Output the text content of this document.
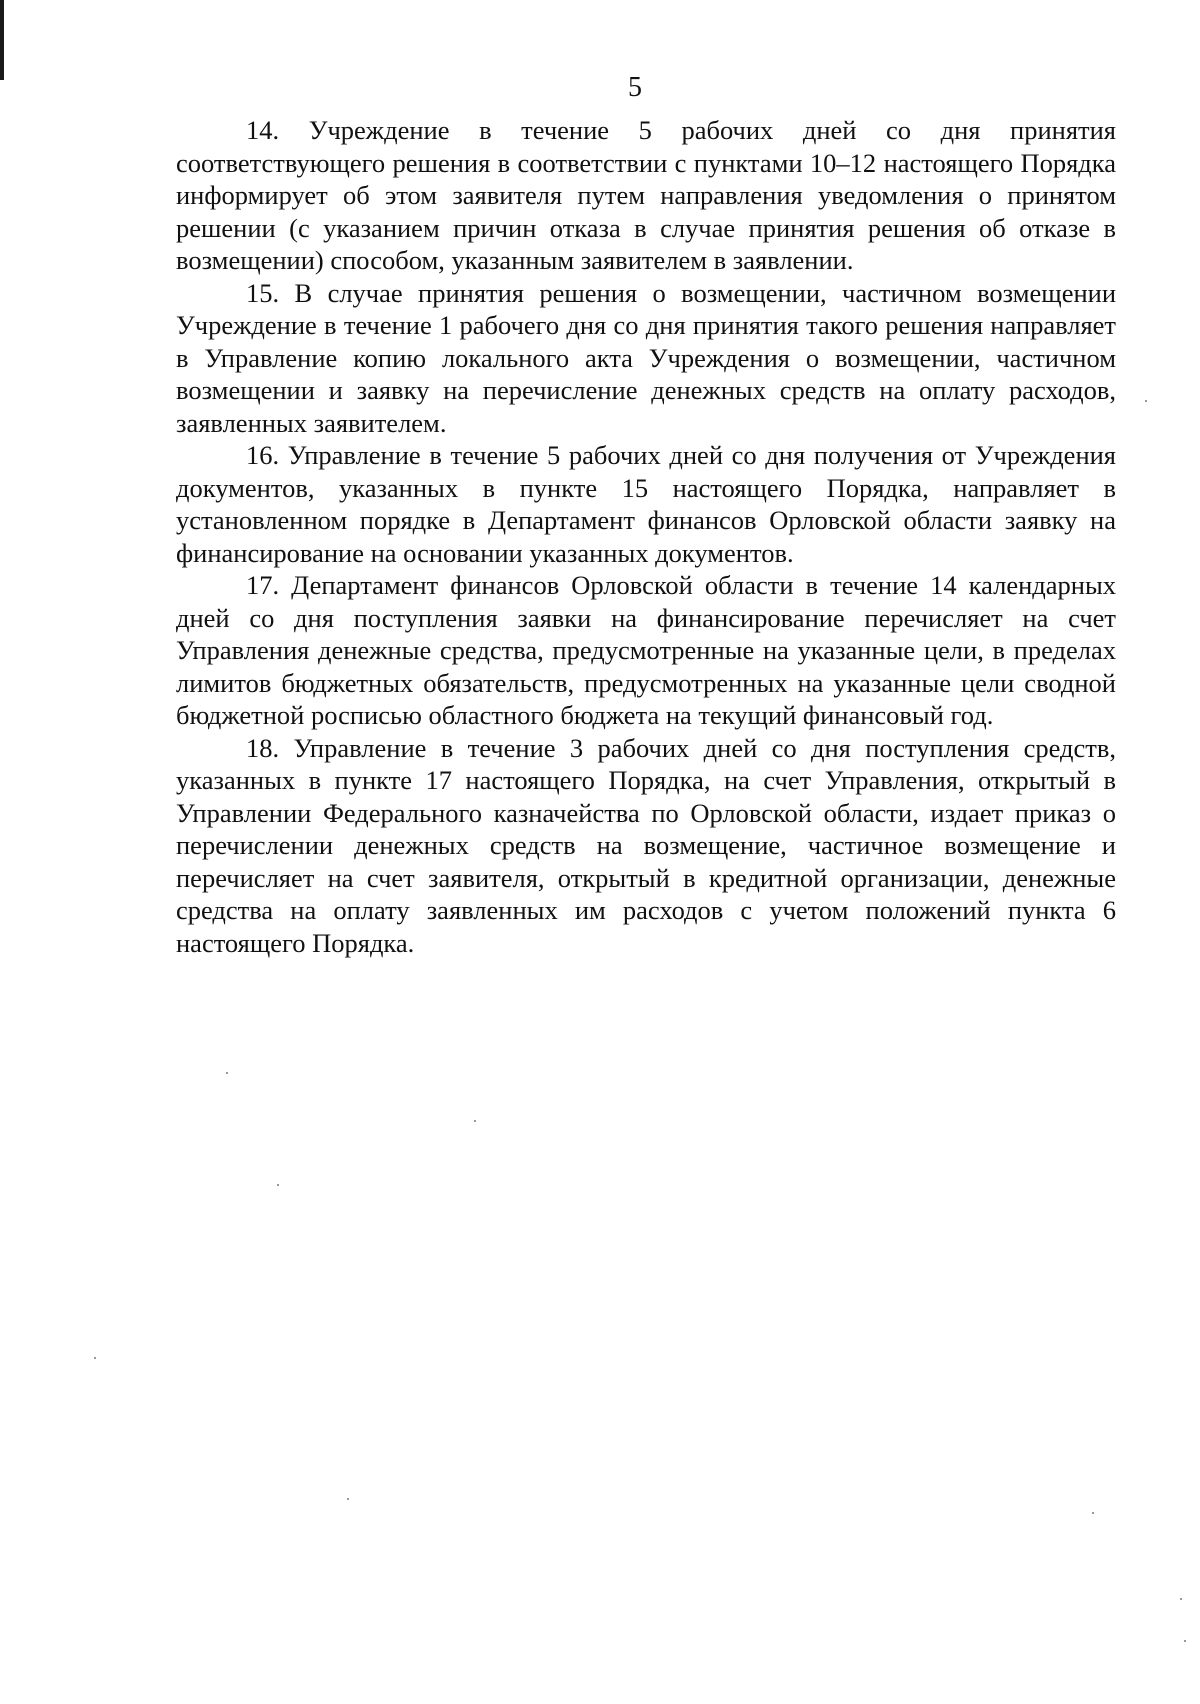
5

14. Учреждение в течение 5 рабочих дней со дня принятия соответствующего решения в соответствии с пунктами 10–12 настоящего Порядка информирует об этом заявителя путем направления уведомления о принятом решении (с указанием причин отказа в случае принятия решения об отказе в возмещении) способом, указанным заявителем в заявлении.

15. В случае принятия решения о возмещении, частичном возмещении Учреждение в течение 1 рабочего дня со дня принятия такого решения направляет в Управление копию локального акта Учреждения о возмещении, частичном возмещении и заявку на перечисление денежных средств на оплату расходов, заявленных заявителем.

16. Управление в течение 5 рабочих дней со дня получения от Учреждения документов, указанных в пункте 15 настоящего Порядка, направляет в установленном порядке в Департамент финансов Орловской области заявку на финансирование на основании указанных документов.

17. Департамент финансов Орловской области в течение 14 календарных дней со дня поступления заявки на финансирование перечисляет на счет Управления денежные средства, предусмотренные на указанные цели, в пределах лимитов бюджетных обязательств, предусмотренных на указанные цели сводной бюджетной росписью областного бюджета на текущий финансовый год.

18. Управление в течение 3 рабочих дней со дня поступления средств, указанных в пункте 17 настоящего Порядка, на счет Управления, открытый в Управлении Федерального казначейства по Орловской области, издает приказ о перечислении денежных средств на возмещение, частичное возмещение и перечисляет на счет заявителя, открытый в кредитной организации, денежные средства на оплату заявленных им расходов с учетом положений пункта 6 настоящего Порядка.
